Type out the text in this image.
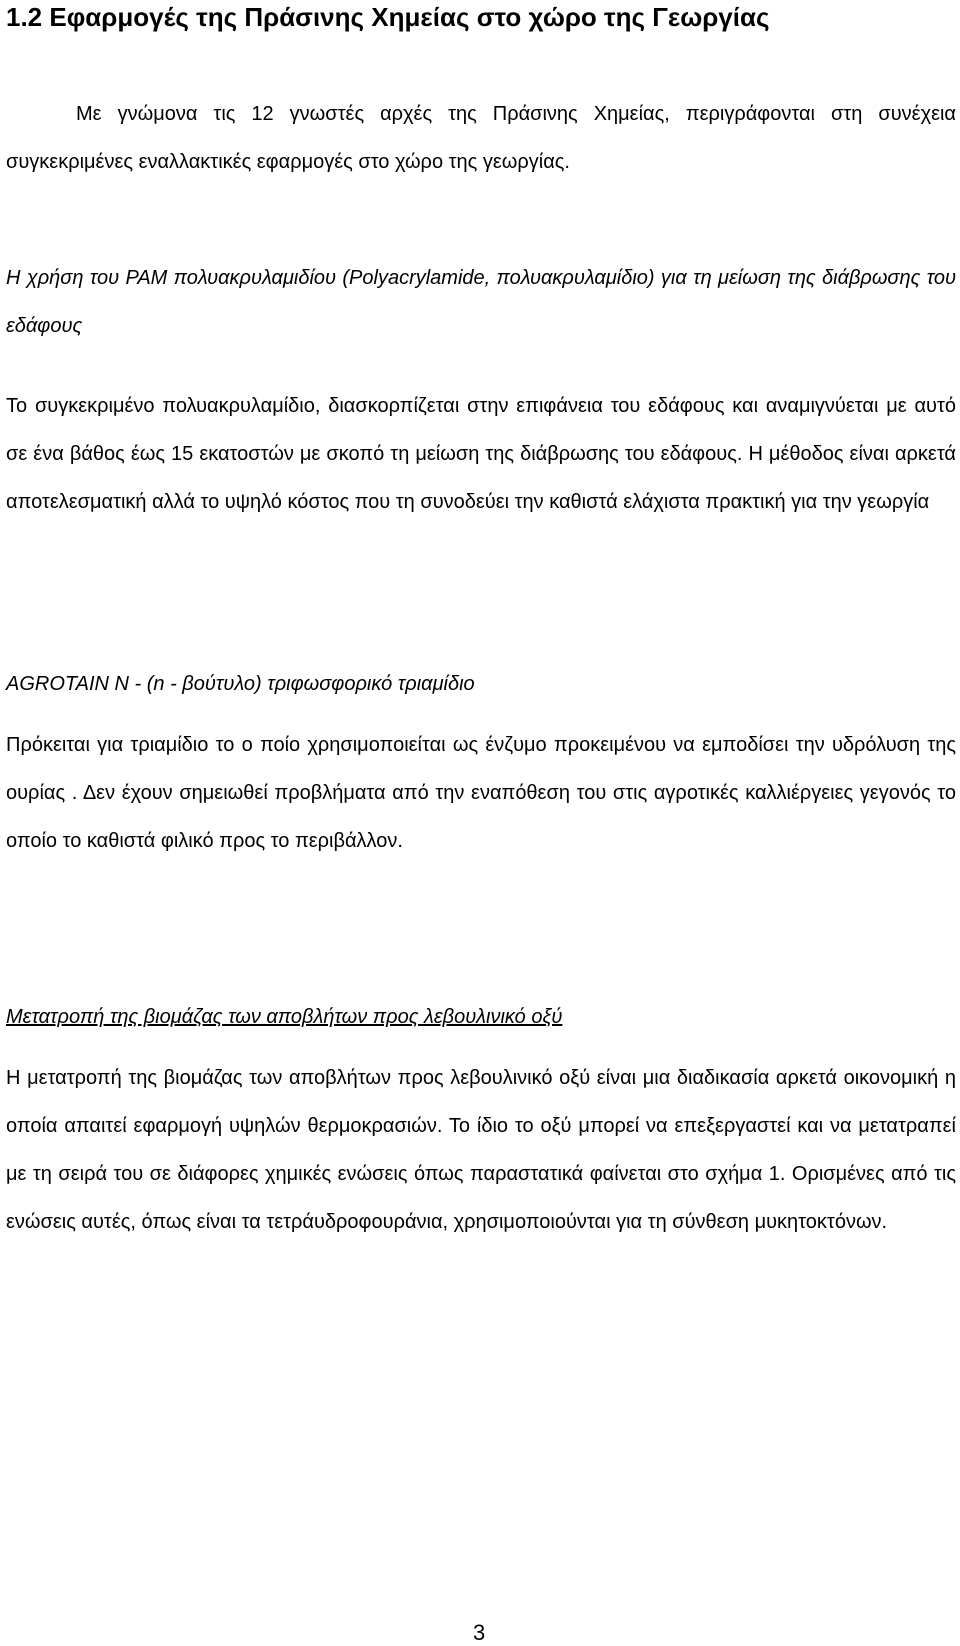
1.2 Εφαρμογές της Πράσινης Χημείας στο χώρο της Γεωργίας

Με γνώμονα τις 12 γνωστές αρχές της Πράσινης Χημείας, περιγράφονται στη συνέχεια συγκεκριμένες εναλλακτικές εφαρμογές στο χώρο της γεωργίας.

Η χρήση του PAM πολυακρυλαμιδίου (Polyacrylamide, πολυακρυλαμίδιο) για τη μείωση της διάβρωσης του εδάφους

Το συγκεκριμένο πολυακρυλαμίδιο, διασκορπίζεται στην επιφάνεια του εδάφους και αναμιγνύεται με αυτό σε ένα βάθος έως 15 εκατοστών με σκοπό τη μείωση της διάβρωσης του εδάφους. Η μέθοδος είναι αρκετά αποτελεσματική αλλά το υψηλό κόστος που τη συνοδεύει την καθιστά ελάχιστα πρακτική για την γεωργία

AGROTAIN N - (n - βούτυλο) τριφωσφορικό τριαμίδιο

Πρόκειται για τριαμίδιο το ο ποίο χρησιμοποιείται ως ένζυμο προκειμένου να εμποδίσει την υδρόλυση της ουρίας . Δεν έχουν σημειωθεί προβλήματα από την εναπόθεση του στις αγροτικές καλλιέργειες γεγονός το οποίο το καθιστά φιλικό προς το περιβάλλον.

Μετατροπή της βιομάζας των αποβλήτων προς λεβουλινικό οξύ

Η μετατροπή της βιομάζας των αποβλήτων προς λεβουλινικό οξύ είναι μια διαδικασία αρκετά οικονομική η οποία απαιτεί εφαρμογή υψηλών θερμοκρασιών. Το ίδιο το οξύ μπορεί να επεξεργαστεί και να μετατραπεί με τη σειρά του σε διάφορες χημικές ενώσεις όπως παραστατικά φαίνεται στο σχήμα 1. Ορισμένες από τις ενώσεις αυτές, όπως είναι τα τετράυδροφουράνια, χρησιμοποιούνται για τη σύνθεση μυκητοκτόνων.

3
